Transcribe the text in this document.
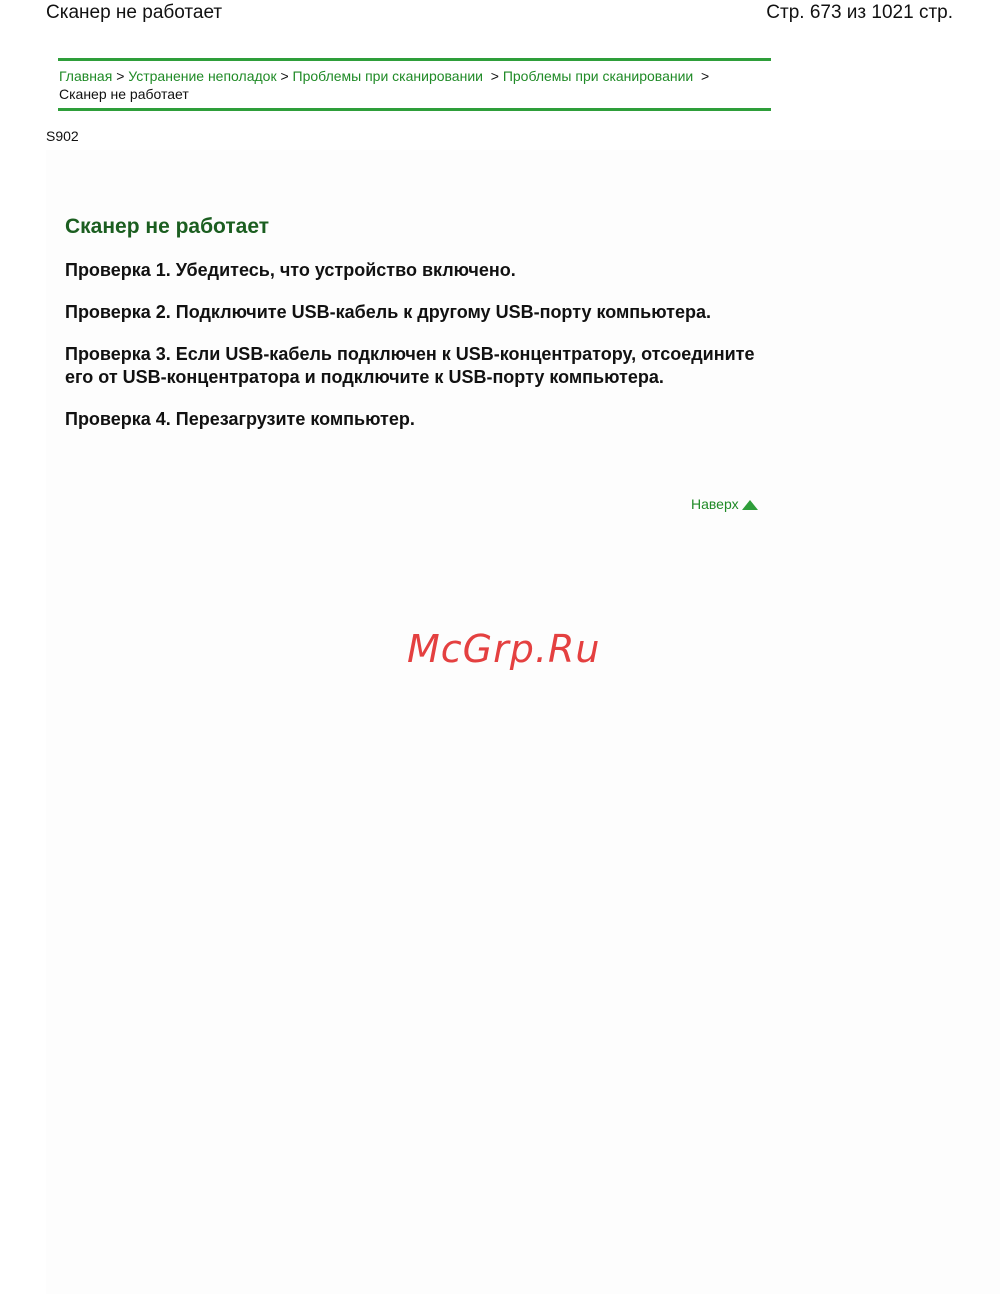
Сканер не работает	Стр. 673 из 1021 стр.
Главная > Устранение неполадок > Проблемы при сканировании > Проблемы при сканировании >
Сканер не работает
S902
Сканер не работает
Проверка 1. Убедитесь, что устройство включено.
Проверка 2. Подключите USB-кабель к другому USB-порту компьютера.
Проверка 3. Если USB-кабель подключен к USB-концентратору, отсоедините его от USB-концентратора и подключите к USB-порту компьютера.
Проверка 4. Перезагрузите компьютер.
Наверх
McGrp.Ru
